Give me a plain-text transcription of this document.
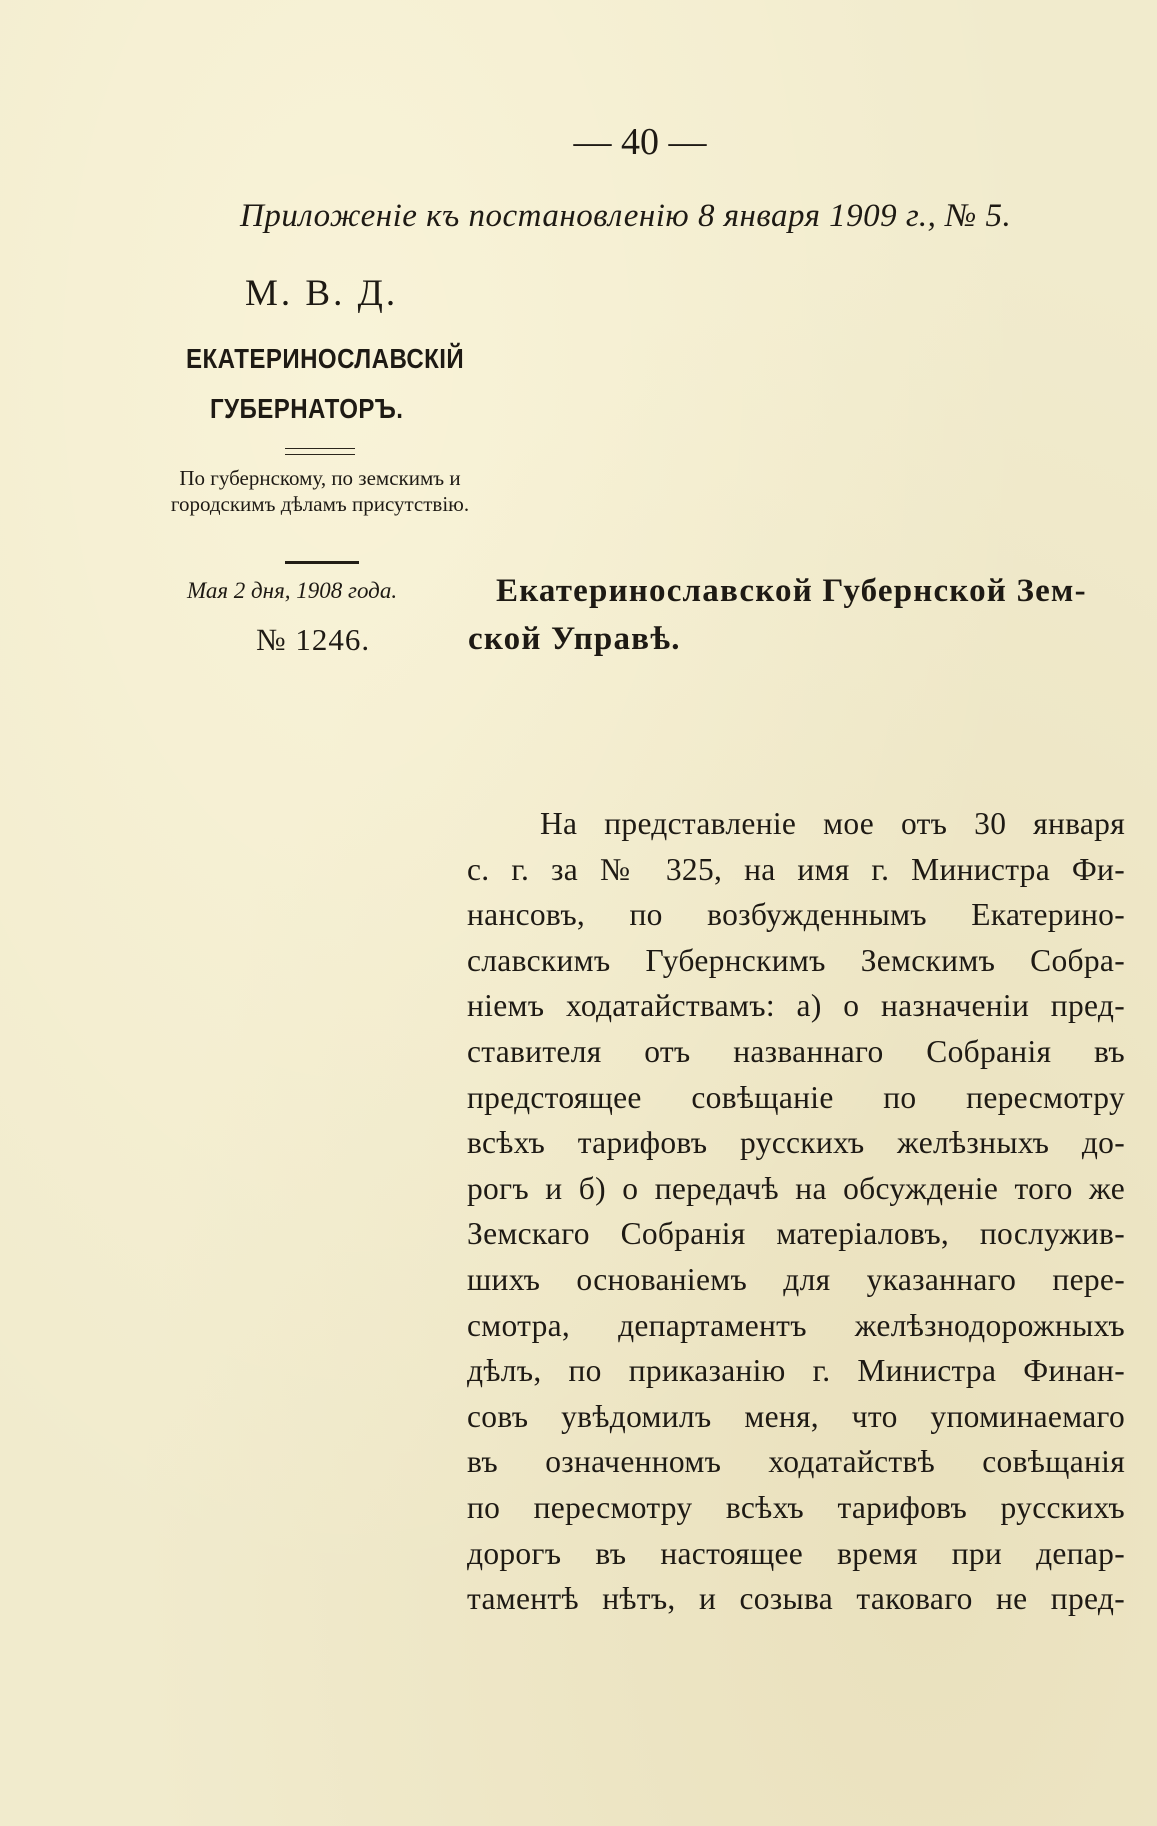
— 40 —
Приложенiе къ постановленiю 8 января 1909 г., № 5.
М. В. Д.
ЕКАТЕРИНОСЛАВСКIЙ
ГУБЕРНАТОРЪ.
По губернскому, по земскимъ и городскимъ дѣламъ присутствiю.
Мая 2 дня, 1908 года.
№ 1246.
Екатеринославской Губернской Зем-
ской Управѣ.
На представленiе мое отъ 30 января
с. г. за № 325, на имя г. Министра Фи-
нансовъ, по возбужденнымъ Екатерино-
славскимъ Губернскимъ Земскимъ Собра-
нiемъ ходатайствамъ: а) о назначенiи пред-
ставителя отъ названнаго Собранiя въ
предстоящее совѣщанiе по пересмотру
всѣхъ тарифовъ русскихъ желѣзныхъ до-
рогъ и б) о передачѣ на обсужденiе того же
Земскаго Собранiя матерiаловъ, послужив-
шихъ основанiемъ для указаннаго пере-
смотра, департаментъ желѣзнодорожныхъ
дѣлъ, по приказанiю г. Министра Финан-
совъ увѣдомилъ меня, что упоминаемаго
въ означенномъ ходатайствѣ совѣщанiя
по пересмотру всѣхъ тарифовъ русскихъ
дорогъ въ настоящее время при депар-
таментѣ нѣтъ, и созыва таковаго не пред-
